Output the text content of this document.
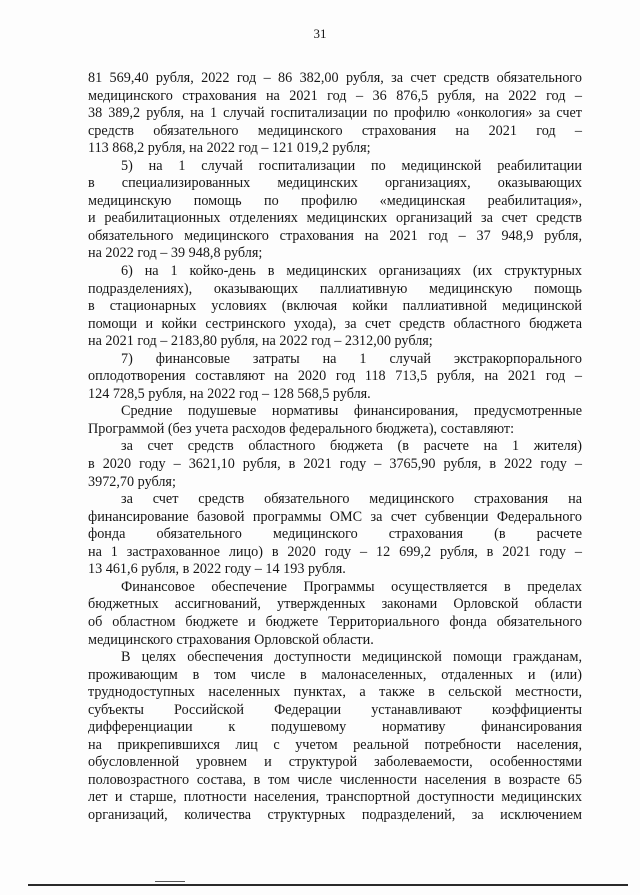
31
81 569,40 рубля, 2022 год – 86 382,00 рубля, за счет средств обязательного
медицинского страхования на 2021 год – 36 876,5 рубля, на 2022 год –
38 389,2 рубля, на 1 случай госпитализации по профилю «онкология» за счет
средств обязательного медицинского страхования на 2021 год –
113 868,2 рубля, на 2022 год – 121 019,2 рубля;
5) на 1 случай госпитализации по медицинской реабилитации
в специализированных медицинских организациях, оказывающих
медицинскую помощь по профилю «медицинская реабилитация»,
и реабилитационных отделениях медицинских организаций за счет средств
обязательного медицинского страхования на 2021 год – 37 948,9 рубля,
на 2022 год – 39 948,8 рубля;
6) на 1 койко-день в медицинских организациях (их структурных
подразделениях), оказывающих паллиативную медицинскую помощь
в стационарных условиях (включая койки паллиативной медицинской
помощи и койки сестринского ухода), за счет средств областного бюджета
на 2021 год – 2183,80 рубля, на 2022 год – 2312,00 рубля;
7) финансовые затраты на 1 случай экстракорпорального
оплодотворения составляют на 2020 год 118 713,5 рубля, на 2021 год –
124 728,5 рубля, на 2022 год – 128 568,5 рубля.
Средние подушевые нормативы финансирования, предусмотренные
Программой (без учета расходов федерального бюджета), составляют:
за счет средств областного бюджета (в расчете на 1 жителя)
в 2020 году – 3621,10 рубля, в 2021 году – 3765,90 рубля, в 2022 году –
3972,70 рубля;
за счет средств обязательного медицинского страхования на
финансирование базовой программы ОМС за счет субвенции Федерального
фонда обязательного медицинского страхования (в расчете
на 1 застрахованное лицо) в 2020 году – 12 699,2 рубля, в 2021 году –
13 461,6 рубля, в 2022 году – 14 193 рубля.
Финансовое обеспечение Программы осуществляется в пределах
бюджетных ассигнований, утвержденных законами Орловской области
об областном бюджете и бюджете Территориального фонда обязательного
медицинского страхования Орловской области.
В целях обеспечения доступности медицинской помощи гражданам,
проживающим в том числе в малонаселенных, отдаленных и (или)
труднодоступных населенных пунктах, а также в сельской местности,
субъекты Российской Федерации устанавливают коэффициенты
дифференциации к подушевому нормативу финансирования
на прикрепившихся лиц с учетом реальной потребности населения,
обусловленной уровнем и структурой заболеваемости, особенностями
половозрастного состава, в том числе численности населения в возрасте 65
лет и старше, плотности населения, транспортной доступности медицинских
организаций, количества структурных подразделений, за исключением
